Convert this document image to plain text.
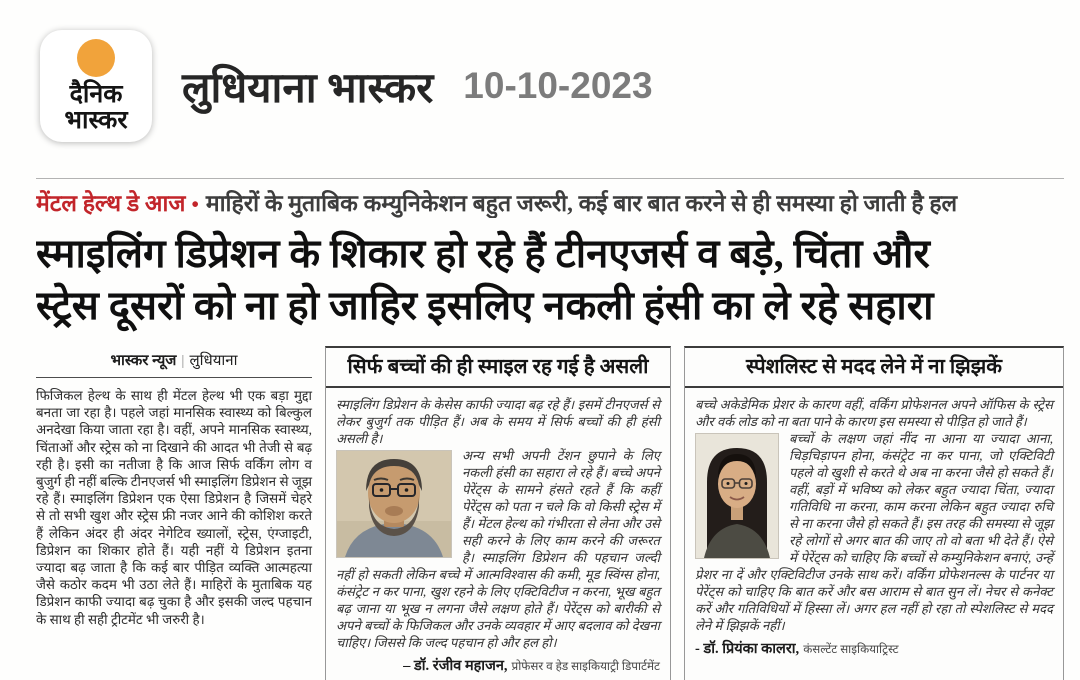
दैनिक
भास्कर
लुधियाना भास्कर 10-10-2023
मेंटल हेल्थ डे आज • माहिरों के मुताबिक कम्युनिकेशन बहुत जरूरी, कई बार बात करने से ही समस्या हो जाती है हल
स्माइलिंग डिप्रेशन के शिकार हो रहे हैं टीनएजर्स व बड़े, चिंता और
स्ट्रेस दूसरों को ना हो जाहिर इसलिए नकली हंसी का ले रहे सहारा
भास्कर न्यूज | लुधियाना

फिजिकल हेल्थ के साथ ही मेंटल हेल्थ भी एक बड़ा मुद्दा बनता जा रहा है। पहले जहां मानसिक स्वास्थ्य को बिल्कुल अनदेखा किया जाता रहा है। वहीं, अपने मानसिक स्वास्थ्य, चिंताओं और स्ट्रेस को ना दिखाने की आदत भी तेजी से बढ़ रही है। इसी का नतीजा है कि आज सिर्फ वर्किंग लोग व बुजुर्ग ही नहीं बल्कि टीनएजर्स भी स्माइलिंग डिप्रेशन से जूझ रहे हैं। स्माइलिंग डिप्रेशन एक ऐसा डिप्रेशन है जिसमें चेहरे से तो सभी खुश और स्ट्रेस फ्री नजर आने की कोशिश करते हैं लेकिन अंदर ही अंदर नेगेटिव ख्यालों, स्ट्रेस, एंग्जाइटी, डिप्रेशन का शिकार होते हैं। यही नहीं ये डिप्रेशन इतना ज्यादा बढ़ जाता है कि कई बार पीड़ित व्यक्ति आत्महत्या जैसे कठोर कदम भी उठा लेते हैं। माहिरों के मुताबिक यह डिप्रेशन काफी ज्यादा बढ़ चुका है और इसकी जल्द पहचान के साथ ही सही ट्रीटमेंट भी जरुरी है।

सिर्फ बच्चों की ही स्माइल रह गई है असली

स्माइलिंग डिप्रेशन के केसेस काफी ज्यादा बढ़ रहे हैं। इसमें टीनएजर्स से लेकर बुजुर्ग तक पीड़ित हैं। अब के समय में सिर्फ बच्चों की ही हंसी असली है।

अन्य सभी अपनी टेंशन छुपाने के लिए नकली हंसी का सहारा ले रहे हैं। बच्चे अपने पेरेंट्स के सामने हंसते रहते हैं कि कहीं पेरेंट्स को पता न चले कि वो किसी स्ट्रेस में हैं। मेंटल हेल्थ को गंभीरता से लेना और उसे सही करने के लिए काम करने की जरूरत है। स्माइलिंग डिप्रेशन की पहचान जल्दी नहीं हो सकती लेकिन बच्चे में आत्मविश्वास की कमी, मूड स्विंग्स होना, कंसंट्रेट न कर पाना, खुश रहने के लिए एक्टिविटीज न करना, भूख बहुत बढ़ जाना या भूख न लगना जैसे लक्षण होते हैं। पेरेंट्स को बारीकी से अपने बच्चों के फिजिकल और उनके व्यवहार में आए बदलाव को देखना चाहिए। जिससे कि जल्द पहचान हो और हल हो।

– डॉ. रंजीव महाजन, प्रोफेसर व हेड साइकियाट्री डिपार्टमेंट

स्पेशलिस्ट से मदद लेने में ना झिझकें

बच्चे अकेडेमिक प्रेशर के कारण वहीं, वर्किंग प्रोफेशनल अपने ऑफिस के स्ट्रेस और वर्क लोड को ना बता पाने के कारण इस समस्या से पीड़ित हो जाते हैं।

बच्चों के लक्षण जहां नींद ना आना या ज्यादा आना, चिड़चिड़ापन होना, कंसंट्रेट ना कर पाना, जो एक्टिविटी पहले वो खुशी से करते थे अब ना करना जैसे हो सकते हैं। वहीं, बड़ों में भविष्य को लेकर बहुत ज्यादा चिंता, ज्यादा गतिविधि ना करना, काम करना लेकिन बहुत ज्यादा रुचि से ना करना जैसे हो सकते हैं। इस तरह की समस्या से जूझ रहे लोगों से अगर बात की जाए तो वो बता भी देते हैं। ऐसे में पेरेंट्स को चाहिए कि बच्चों से कम्युनिकेशन बनाएं, उन्हें प्रेशर ना दें और एक्टिविटीज उनके साथ करें। वर्किंग प्रोफेशनल्स के पार्टनर या पेरेंट्स को चाहिए कि बात करें और बस आराम से बात सुन लें। नेचर से कनेक्ट करें और गतिविधियों में हिस्सा लें। अगर हल नहीं हो रहा तो स्पेशलिस्ट से मदद लेने में झिझकें नहीं।

- डॉ. प्रियंका कालरा, कंसल्टेंट साइकियाट्रिस्ट
